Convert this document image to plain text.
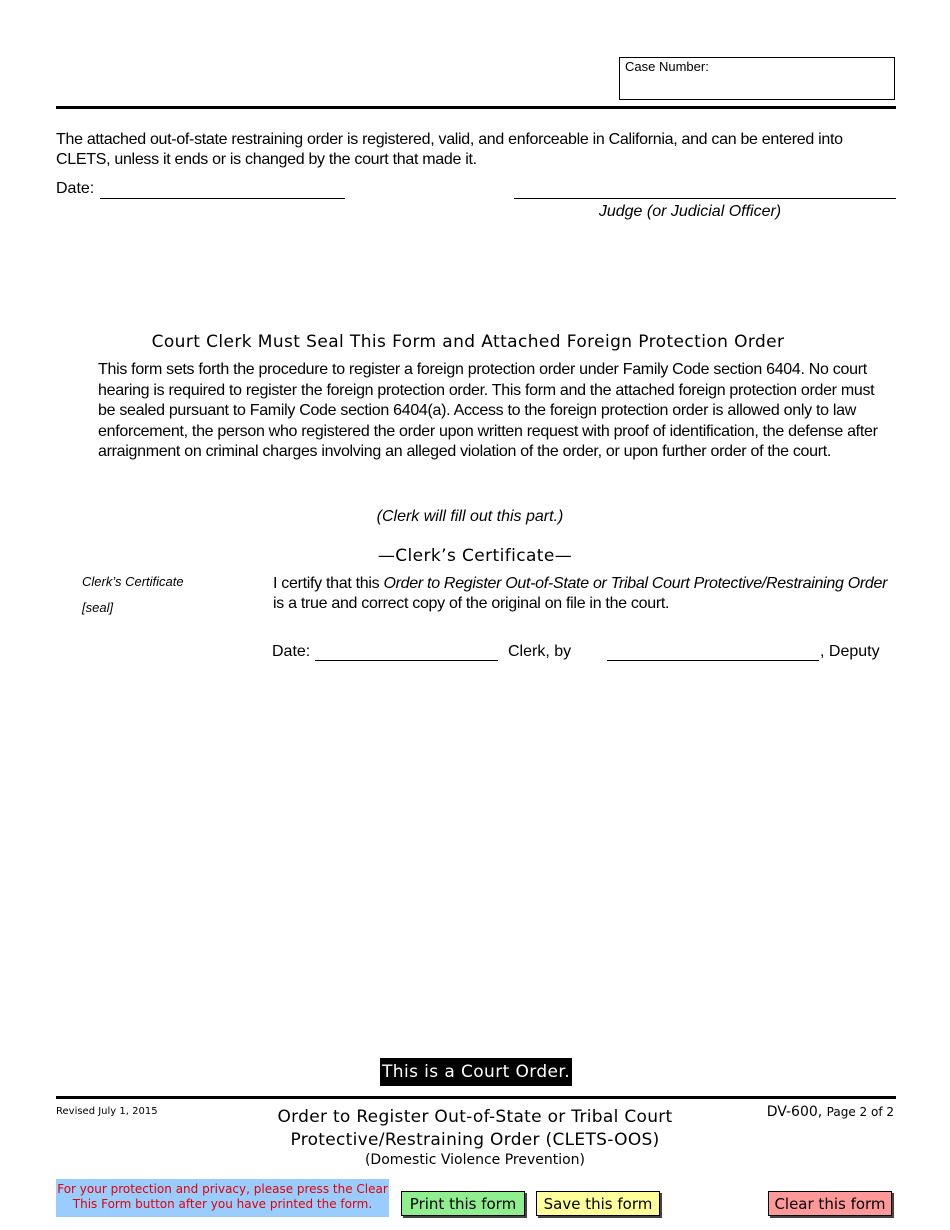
Case Number:
The attached out-of-state restraining order is registered, valid, and enforceable in California, and can be entered into CLETS, unless it ends or is changed by the court that made it.
Date:
Judge (or Judicial Officer)
Court Clerk Must Seal This Form and Attached Foreign Protection Order
This form sets forth the procedure to register a foreign protection order under Family Code section 6404. No court hearing is required to register the foreign protection order. This form and the attached foreign protection order must be sealed pursuant to Family Code section 6404(a). Access to the foreign protection order is allowed only to law enforcement, the person who registered the order upon written request with proof of identification, the defense after arraignment on criminal charges involving an alleged violation of the order, or upon further order of the court.
(Clerk will fill out this part.)
—Clerk’s Certificate—
Clerk’s Certificate
[seal]
I certify that this Order to Register Out-of-State or Tribal Court Protective/Restraining Order is a true and correct copy of the original on file in the court.
Date:	Clerk, by	, Deputy
This is a Court Order.
Revised July 1, 2015	Order to Register Out-of-State or Tribal Court
Protective/Restraining Order (CLETS-OOS)
(Domestic Violence Prevention)
DV-600, Page 2 of 2
For your protection and privacy, please press the Clear This Form button after you have printed the form.	Print this form	Save this form	Clear this form
